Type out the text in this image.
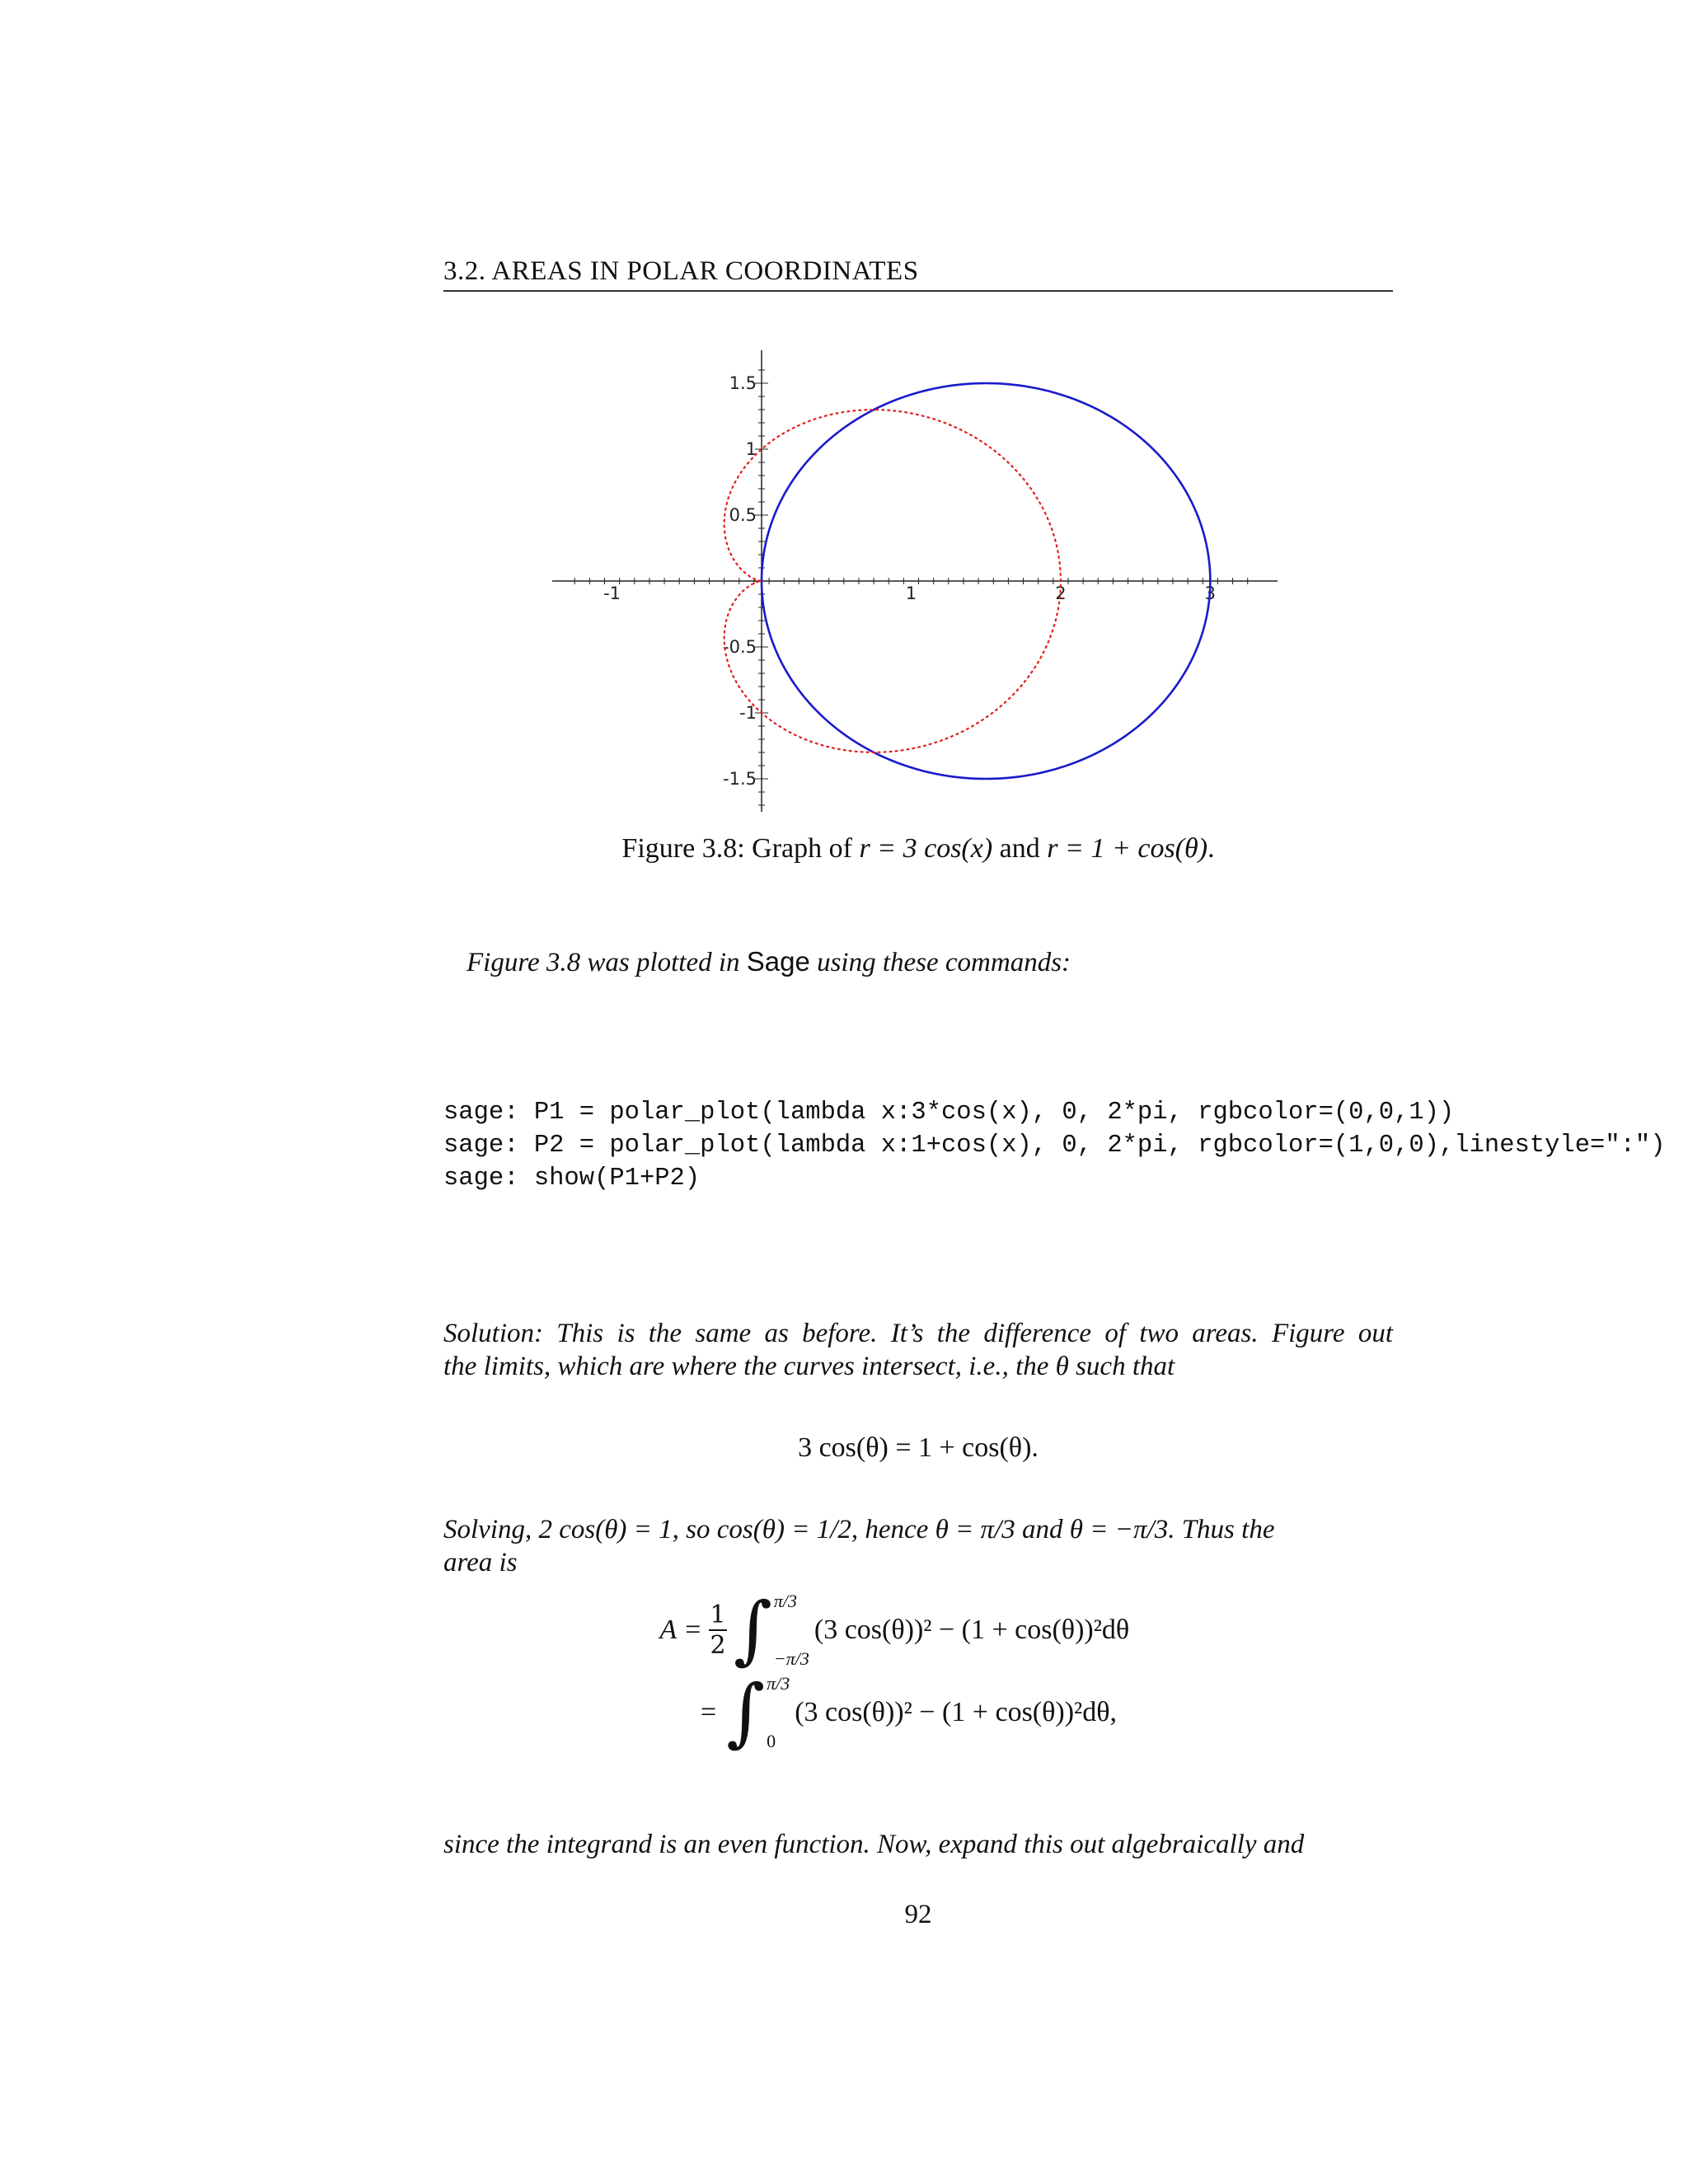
3.2. AREAS IN POLAR COORDINATES
-1	1	2	3
1.5
1
0.5
-0.5
-1
-1.5
Figure 3.8: Graph of r = 3 cos(x) and r = 1 + cos(θ).
Figure 3.8 was plotted in Sage using these commands:
sage: P1 = polar_plot(lambda x:3*cos(x), 0, 2*pi, rgbcolor=(0,0,1))
sage: P2 = polar_plot(lambda x:1+cos(x), 0, 2*pi, rgbcolor=(1,0,0),linestyle=":")
sage: show(P1+P2)
Solution: This is the same as before. It’s the difference of two areas. Figure out
the limits, which are where the curves intersect, i.e., the θ such that
3 cos(θ) = 1 + cos(θ).
Solving, 2 cos(θ) = 1, so cos(θ) = 1/2, hence θ = π/3 and θ = −π/3. Thus the
area is
$A = \frac{1}{2}$ ∫ π/3
−π/3
(3 cos(θ))² − (1 + cos(θ))²dθ
= ∫ π/3
0
(3 cos(θ))² − (1 + cos(θ))²dθ,
since the integrand is an even function. Now, expand this out algebraically and
92
